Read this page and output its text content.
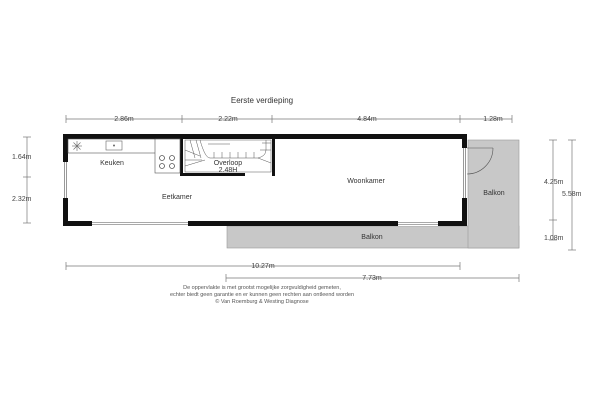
Eerste verdieping
2.86m	2.22m	4.84m	1.28m
1.64m
2.32m
4.25m
5.58m
1.08m
10.27m
7.73m
Keuken
Eetkamer
Overloop
2.48H
Woonkamer
Balkon
Balkon
De oppervlakte is met grootst mogelijke zorgvuldigheid gemeten,
echter biedt geen garantie en er kunnen geen rechten aan ontleend worden
© Van Roemburg & Westing Diagnose
